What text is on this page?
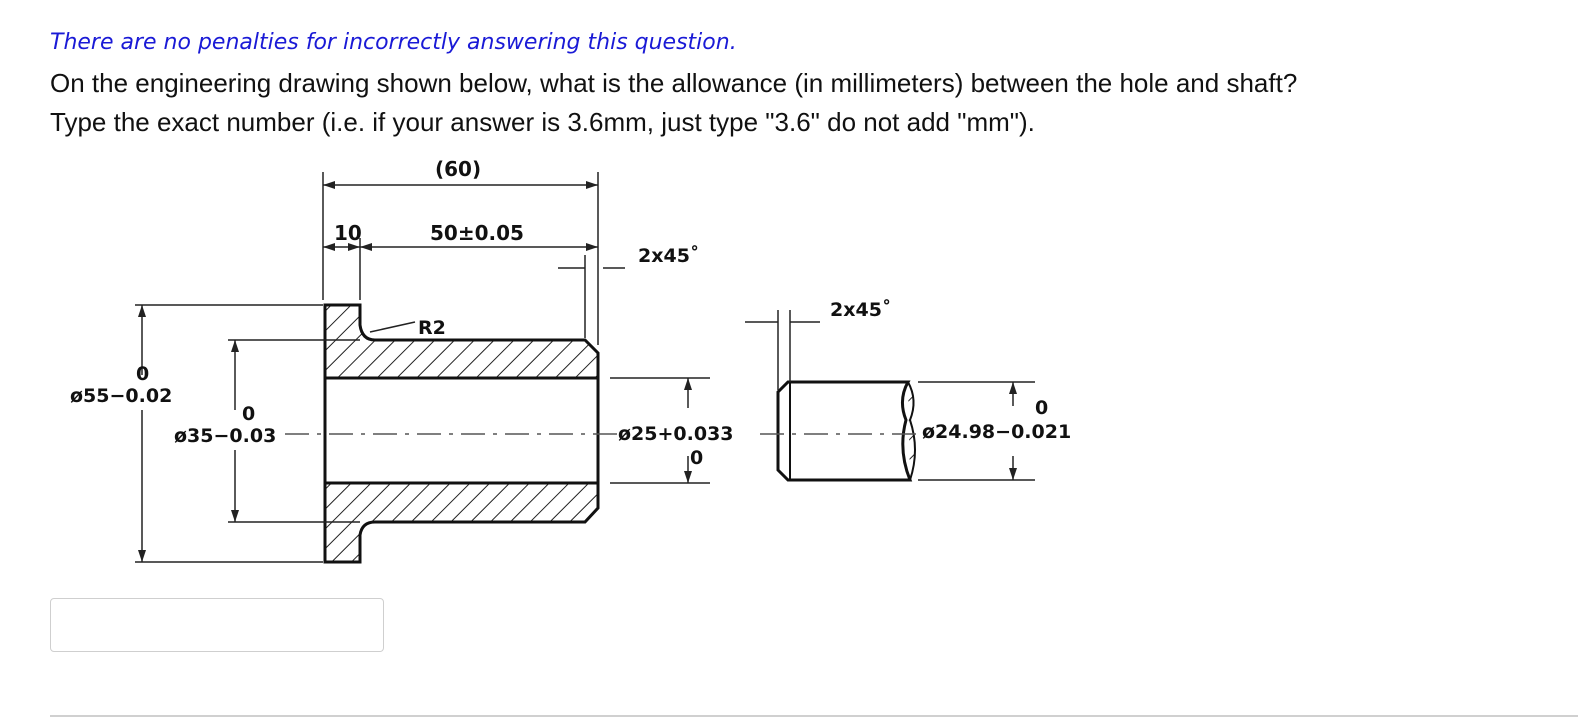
There are no penalties for incorrectly answering this question.

On the engineering drawing shown below, what is the allowance (in millimeters) between the hole and shaft?

Type the exact number (i.e. if your answer is 3.6mm, just type "3.6" do not add "mm").

(60)
10	50±0.05
2x45˚
2x45˚
R2
0
ø55−0.02
0
ø35−0.03	ø25+0.033
0
0
ø24.98−0.021
